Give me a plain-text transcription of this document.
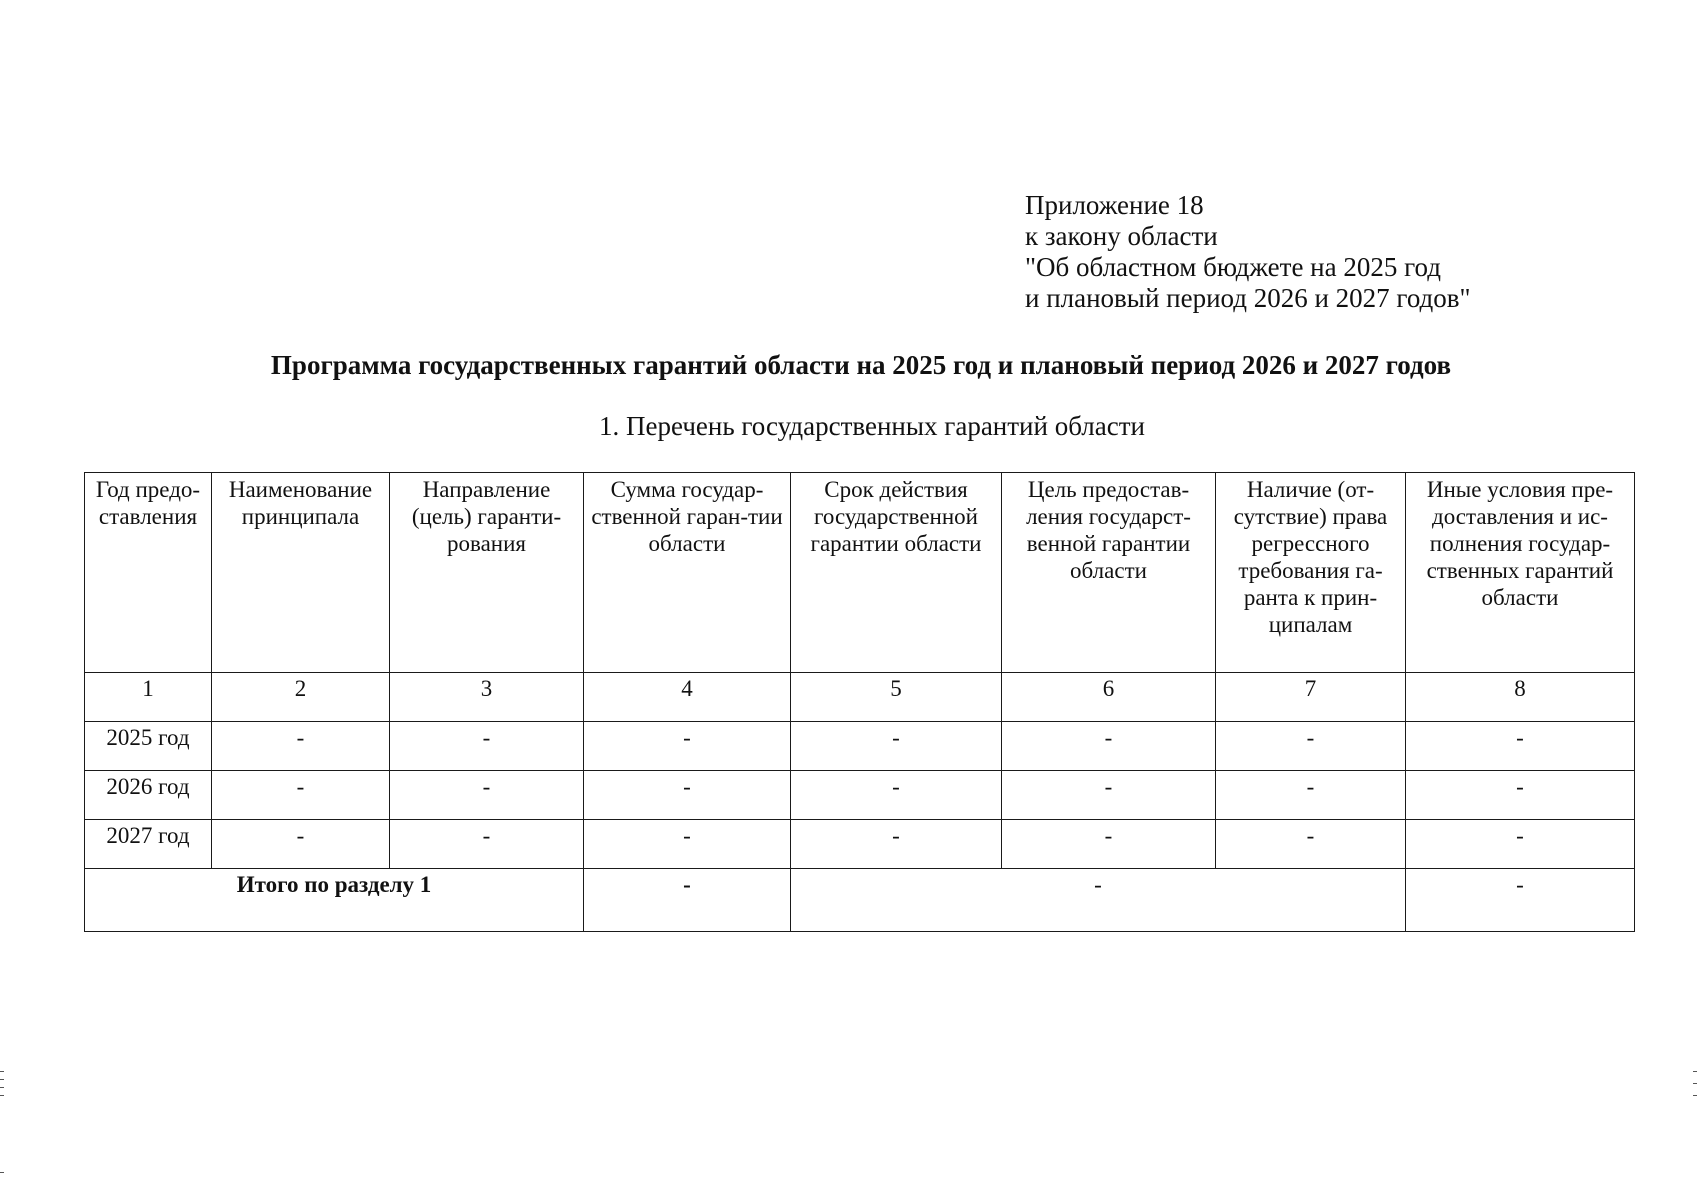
Приложение 18
к закону области
"Об областном бюджете на 2025 год
и плановый период 2026 и 2027 годов"
Программа государственных гарантий области на 2025 год и плановый период 2026 и 2027 годов
1. Перечень государственных гарантий области
Год предо-ставления	Наименование принципала	Направление (цель) гаранти-рования	Сумма государ-ственной гаран-тии области	Срок действия государственной гарантии области	Цель предостав-ления государст-венной гарантии области	Наличие (от-сутствие) права регрессного требования га-ранта к прин-ципалам	Иные условия пре-доставления и ис-полнения государ-ственных гарантий области
1	2	3	4	5	6	7	8
2025 год	-	-	-	-	-	-	-
2026 год	-	-	-	-	-	-	-
2027 год	-	-	-	-	-	-	-
Итого по разделу 1			-	-			-
